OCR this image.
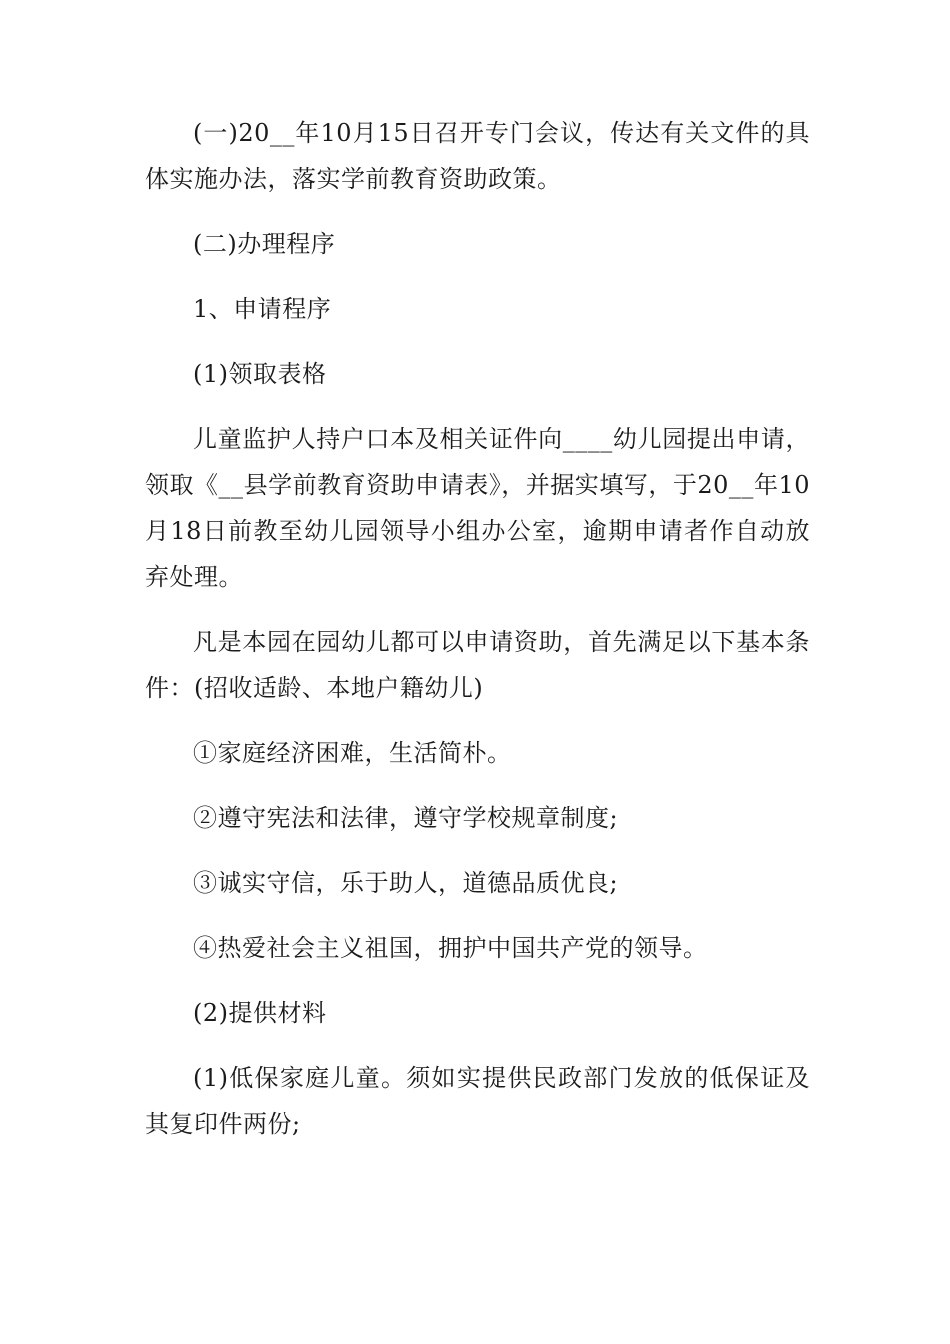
(一)20__年10月15日召开专门会议，传达有关文件的具体实施办法，落实学前教育资助政策。

(二)办理程序

1、申请程序

(1)领取表格

儿童监护人持户口本及相关证件向____幼儿园提出申请，领取《__县学前教育资助申请表》，并据实填写，于20__年10月18日前教至幼儿园领导小组办公室，逾期申请者作自动放弃处理。

凡是本园在园幼儿都可以申请资助，首先满足以下基本条件：(招收适龄、本地户籍幼儿)

①家庭经济困难，生活简朴。

②遵守宪法和法律，遵守学校规章制度;

③诚实守信，乐于助人，道德品质优良;

④热爱社会主义祖国，拥护中国共产党的领导。

(2)提供材料

(1)低保家庭儿童。须如实提供民政部门发放的低保证及其复印件两份;
